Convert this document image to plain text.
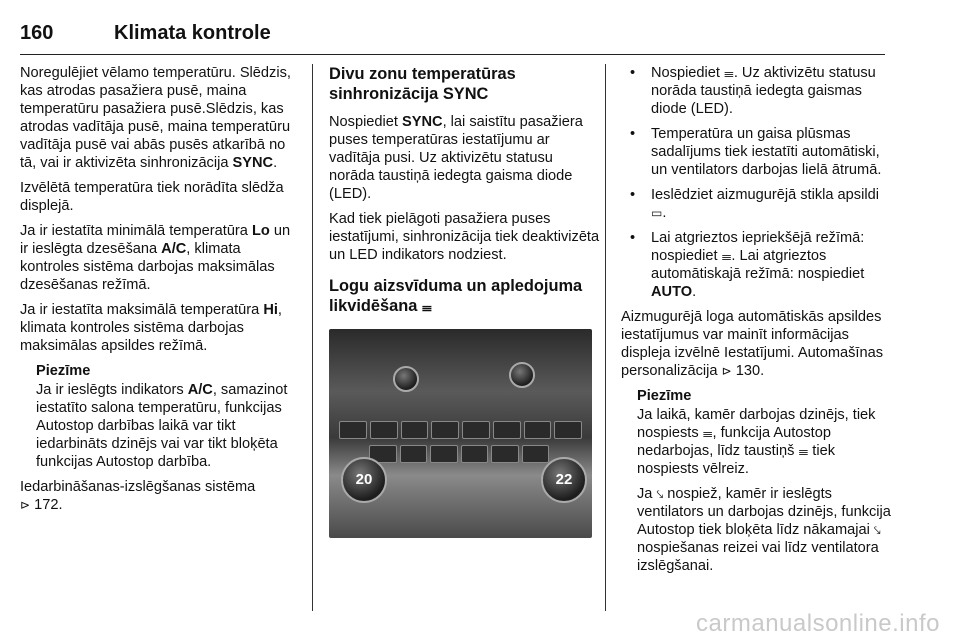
160	Klimata kontrole

Noregulējiet vēlamo temperatūru. Slēdzis, kas atrodas pasažiera pusē, maina temperatūru pasažiera pusē.Slēdzis, kas atrodas vadītāja pusē, maina temperatūru vadītāja pusē vai abās pusēs atkarībā no tā, vai ir aktivizēta sinhronizācija SYNC.

Izvēlētā temperatūra tiek norādīta slēdža displejā.

Ja ir iestatīta minimālā temperatūra Lo un ir ieslēgta dzesēšana A/C, klimata kontroles sistēma darbojas maksimālas dzesēšanas režīmā.

Ja ir iestatīta maksimālā temperatūra Hi, klimata kontroles sistēma darbojas maksimālas apsildes režīmā.

Piezīme
Ja ir ieslēgts indikators A/C, samazinot iestatīto salona temperatūru, funkcijas Autostop darbības laikā var tikt iedarbināts dzinējs vai var tikt bloķēta funkcijas Autostop darbība.

Iedarbināšanas-izslēgšanas sistēma
⊳ 172.

Divu zonu temperatūras sinhronizācija SYNC

Nospiediet SYNC, lai saistītu pasažiera puses temperatūras iestatījumu ar vadītāja pusi. Uz aktivizētu statusu norāda taustiņā iedegta gaisma diode (LED).

Kad tiek pielāgoti pasažiera puses iestatījumi, sinhronizācija tiek deaktivizēta un LED indikators nodziest.

Logu aizsvīduma un apledojuma likvidēšana 𝍢
20	22
• Nospiediet 𝍢. Uz aktivizētu statusu norāda taustiņā iedegta gaismas diode (LED).
• Temperatūra un gaisa plūsmas sadalījums tiek iestatīti automātiski, un ventilators darbojas lielā ātrumā.
• Ieslēdziet aizmugurējā stikla apsildi ▭.
• Lai atgrieztos iepriekšējā režīmā: nospiediet 𝍢. Lai atgrieztos automātiskajā režīmā: nospiediet AUTO.

Aizmugurējā loga automātiskās apsildes iestatījumus var mainīt informācijas displeja izvēlnē Iestatījumi. Automašīnas personalizācija ⊳ 130.

Piezīme

Ja laikā, kamēr darbojas dzinējs, tiek nospiests 𝍢, funkcija Autostop nedarbojas, līdz taustiņš 𝍢 tiek nospiests vēlreiz.

Ja ⤥ nospiež, kamēr ir ieslēgts ventilators un darbojas dzinējs, funkcija Autostop tiek bloķēta līdz nākamajai ⤥ nospiešanas reizei vai līdz ventilatora izslēgšanai.

carmanualsonline.info
